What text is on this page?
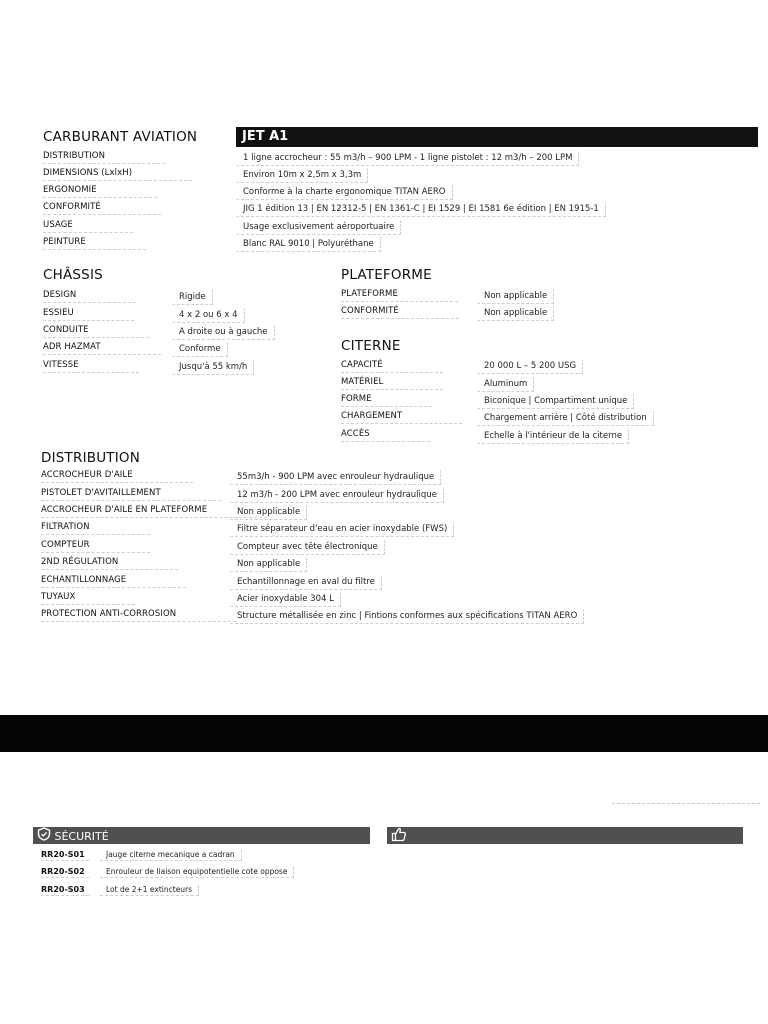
CARBURANT AVIATION	JET A1
DISTRIBUTION	1 ligne accrocheur : 55 m3/h – 900 LPM - 1 ligne pistolet : 12 m3/h – 200 LPM
DIMENSIONS (LxlxH)	Environ 10m x 2,5m x 3,3m
ERGONOMIE	Conforme à la charte ergonomique TITAN AERO
CONFORMITÉ	JIG 1 édition 13 | EN 12312-5 | EN 1361-C | EI 1529 | EI 1581 6e édition | EN 1915-1
USAGE	Usage exclusivement aéroportuaire
PEINTURE	Blanc RAL 9010 | Polyuréthane
CHÂSSIS
DESIGN	Rigide
ESSIEU	4 x 2 ou 6 x 4
CONDUITE	A droite ou à gauche
ADR HAZMAT	Conforme
VITESSE	Jusqu'à 55 km/h
PLATEFORME
PLATEFORME	Non applicable
CONFORMITÉ	Non applicable
CITERNE
CAPACITÉ	20 000 L – 5 200 USG
MATÉRIEL	Aluminum
FORME	Biconique | Compartiment unique
CHARGEMENT	Chargement arrière | Côté distribution
ACCÈS	Echelle à l'intérieur de la citerne
DISTRIBUTION
ACCROCHEUR D'AILE	55m3/h - 900 LPM avec enrouleur hydraulique
PISTOLET D'AVITAILLEMENT	12 m3/h - 200 LPM avec enrouleur hydraulique
ACCROCHEUR D'AILE EN PLATEFORME	Non applicable
FILTRATION	Filtre séparateur d'eau en acier inoxydable (FWS)
COMPTEUR	Compteur avec tête électronique
2ND RÉGULATION	Non applicable
ECHANTILLONNAGE	Echantillonnage en aval du filtre
TUYAUX	Acier inoxydable 304 L
PROTECTION ANTI-CORROSION	Structure métallisée en zinc | Fintions conformes aux spécifications TITAN AERO
SÉCURITÉ
RR20-S01	Jauge citerne mecanique a cadran
RR20-S02	Enrouleur de liaison equipotentielle cote oppose
RR20-S03	Lot de 2+1 extincteurs
